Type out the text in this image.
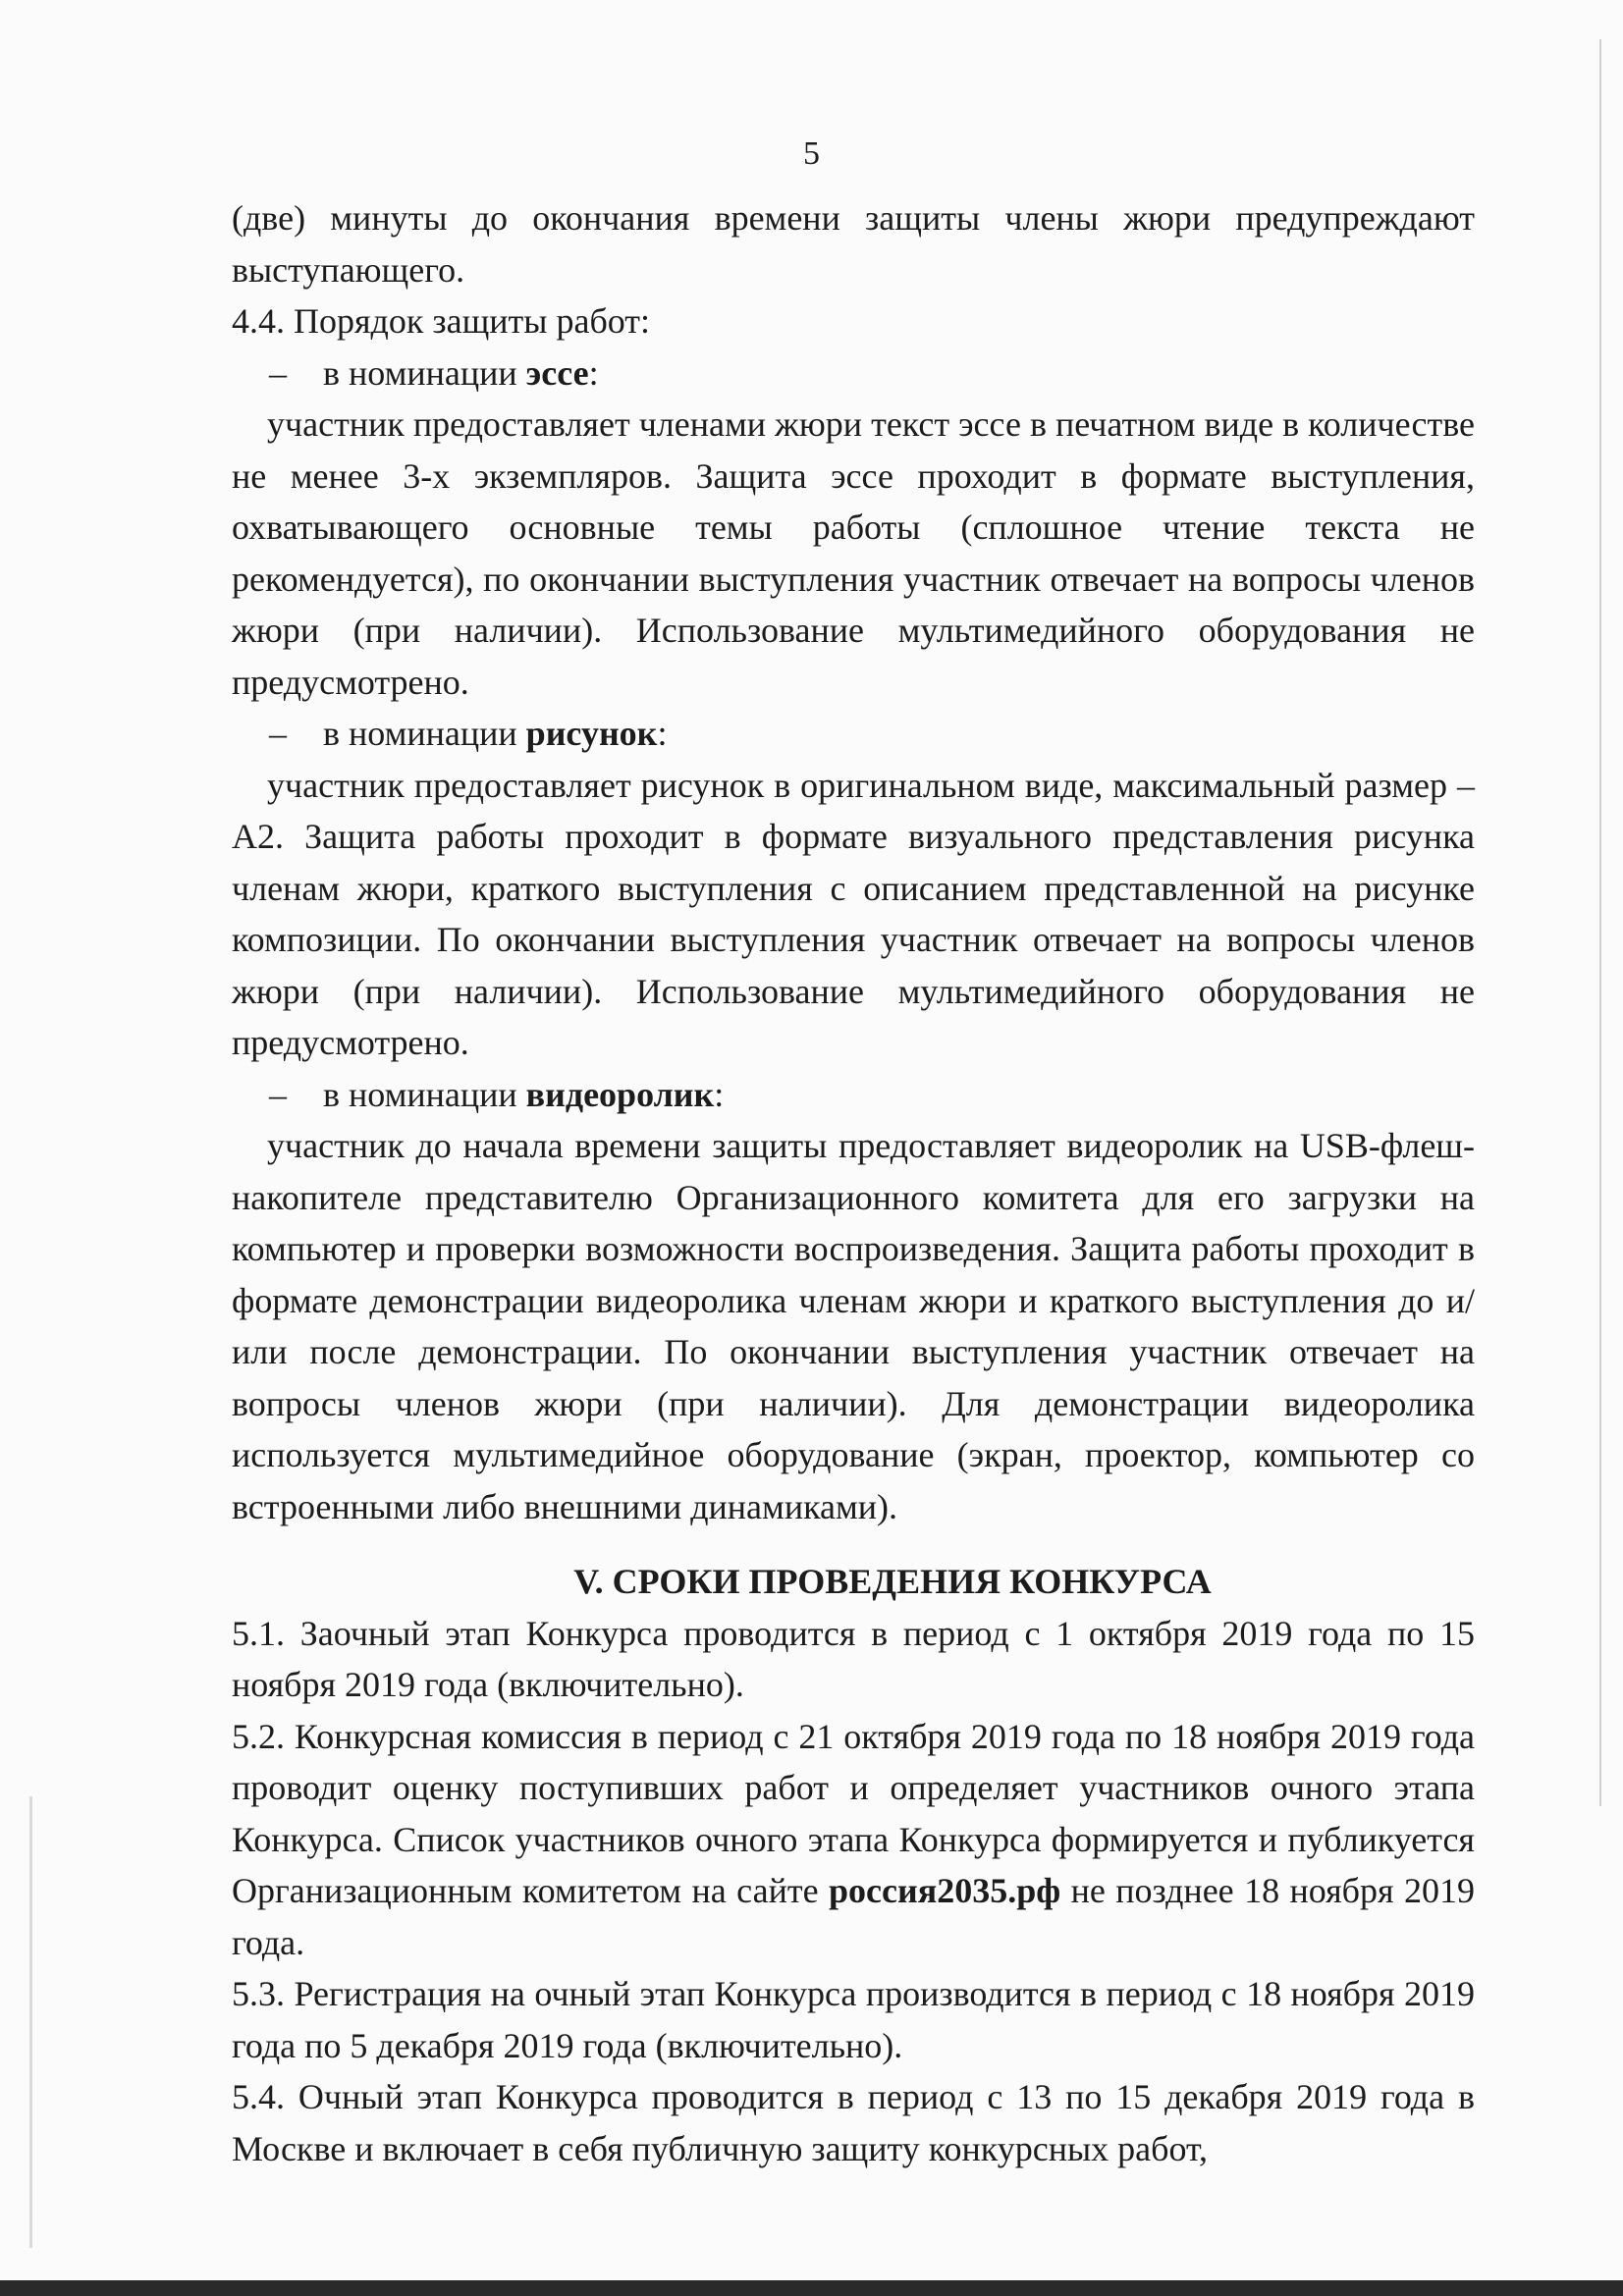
5

(две) минуты до окончания времени защиты члены жюри предупреждают выступающего.

4.4. Порядок защиты работ:

– в номинации эссе:

участник предоставляет членами жюри текст эссе в печатном виде в количестве не менее 3-х экземпляров. Защита эссе проходит в формате выступления, охватывающего основные темы работы (сплошное чтение текста не рекомендуется), по окончании выступления участник отвечает на вопросы членов жюри (при наличии). Использование мультимедийного оборудования не предусмотрено.

– в номинации рисунок:

участник предоставляет рисунок в оригинальном виде, максимальный размер – А2. Защита работы проходит в формате визуального представления рисунка членам жюри, краткого выступления с описанием представленной на рисунке композиции. По окончании выступления участник отвечает на вопросы членов жюри (при наличии). Использование мультимедийного оборудования не предусмотрено.

– в номинации видеоролик:

участник до начала времени защиты предоставляет видеоролик на USB-флеш-накопителе представителю Организационного комитета для его загрузки на компьютер и проверки возможности воспроизведения. Защита работы проходит в формате демонстрации видеоролика членам жюри и краткого выступления до и/или после демонстрации. По окончании выступления участник отвечает на вопросы членов жюри (при наличии). Для демонстрации видеоролика используется мультимедийное оборудование (экран, проектор, компьютер со встроенными либо внешними динамиками).

V. СРОКИ ПРОВЕДЕНИЯ КОНКУРСА

5.1. Заочный этап Конкурса проводится в период с 1 октября 2019 года по 15 ноября 2019 года (включительно).

5.2. Конкурсная комиссия в период с 21 октября 2019 года по 18 ноября 2019 года проводит оценку поступивших работ и определяет участников очного этапа Конкурса. Список участников очного этапа Конкурса формируется и публикуется Организационным комитетом на сайте россия2035.рф не позднее 18 ноября 2019 года.

5.3. Регистрация на очный этап Конкурса производится в период с 18 ноября 2019 года по 5 декабря 2019 года (включительно).

5.4. Очный этап Конкурса проводится в период с 13 по 15 декабря 2019 года в Москве и включает в себя публичную защиту конкурсных работ,
